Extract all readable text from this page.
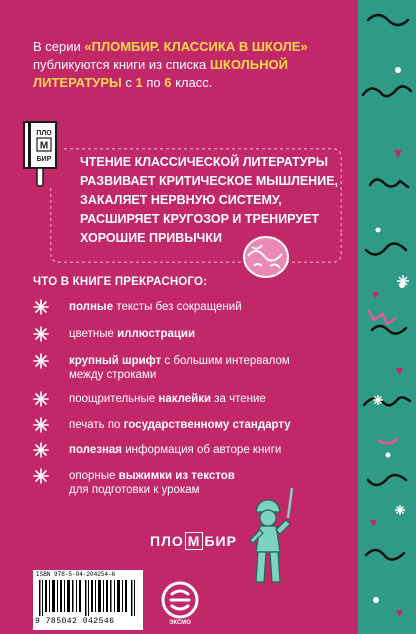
В серии «ПЛОМБИР. КЛАССИКА В ШКОЛЕ» публикуются книги из списка ШКОЛЬНОЙ ЛИТЕРАТУРЫ с 1 по 6 класс.
ЧТЕНИЕ КЛАССИЧЕСКОЙ ЛИТЕРАТУРЫ
РАЗВИВАЕТ КРИТИЧЕСКОЕ МЫШЛЕНИЕ,
ЗАКАЛЯЕТ НЕРВНУЮ СИСТЕМУ,
РАСШИРЯЕТ КРУГОЗОР И ТРЕНИРУЕТ
ХОРОШИЕ ПРИВЫЧКИ
ПЛО
М
БИР
ЧТО В КНИГЕ ПРЕКРАСНОГО:
полные тексты без сокращений
цветные иллюстрации
крупный шрифт с большим интервалом
между строками
поощрительные наклейки за чтение
печать по государственному стандарту
полезная информация об авторе книги
опорные выжимки из текстов
для подготовки к урокам
ПЛО М БИР
ISBN 978-5-04-204254-6
9 785042 042546	ЭКСМО
